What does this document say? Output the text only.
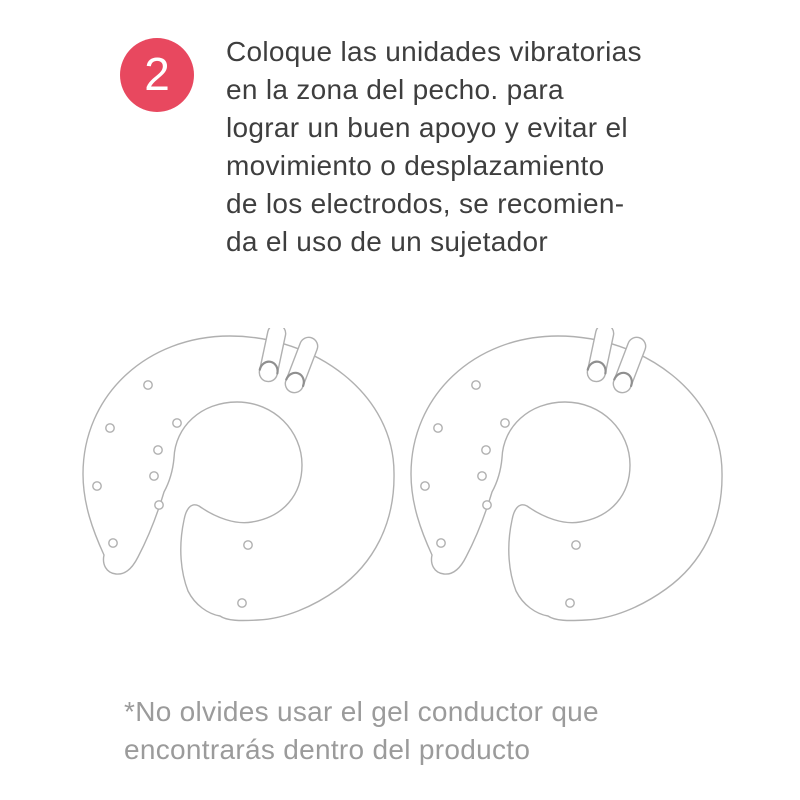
2 Coloque las unidades vibratorias
en la zona del pecho. para
lograr un buen apoyo y evitar el
movimiento o desplazamiento
de los electrodos, se recomien-
da el uso de un sujetador
*No olvides usar el gel conductor que
encontrarás dentro del producto
